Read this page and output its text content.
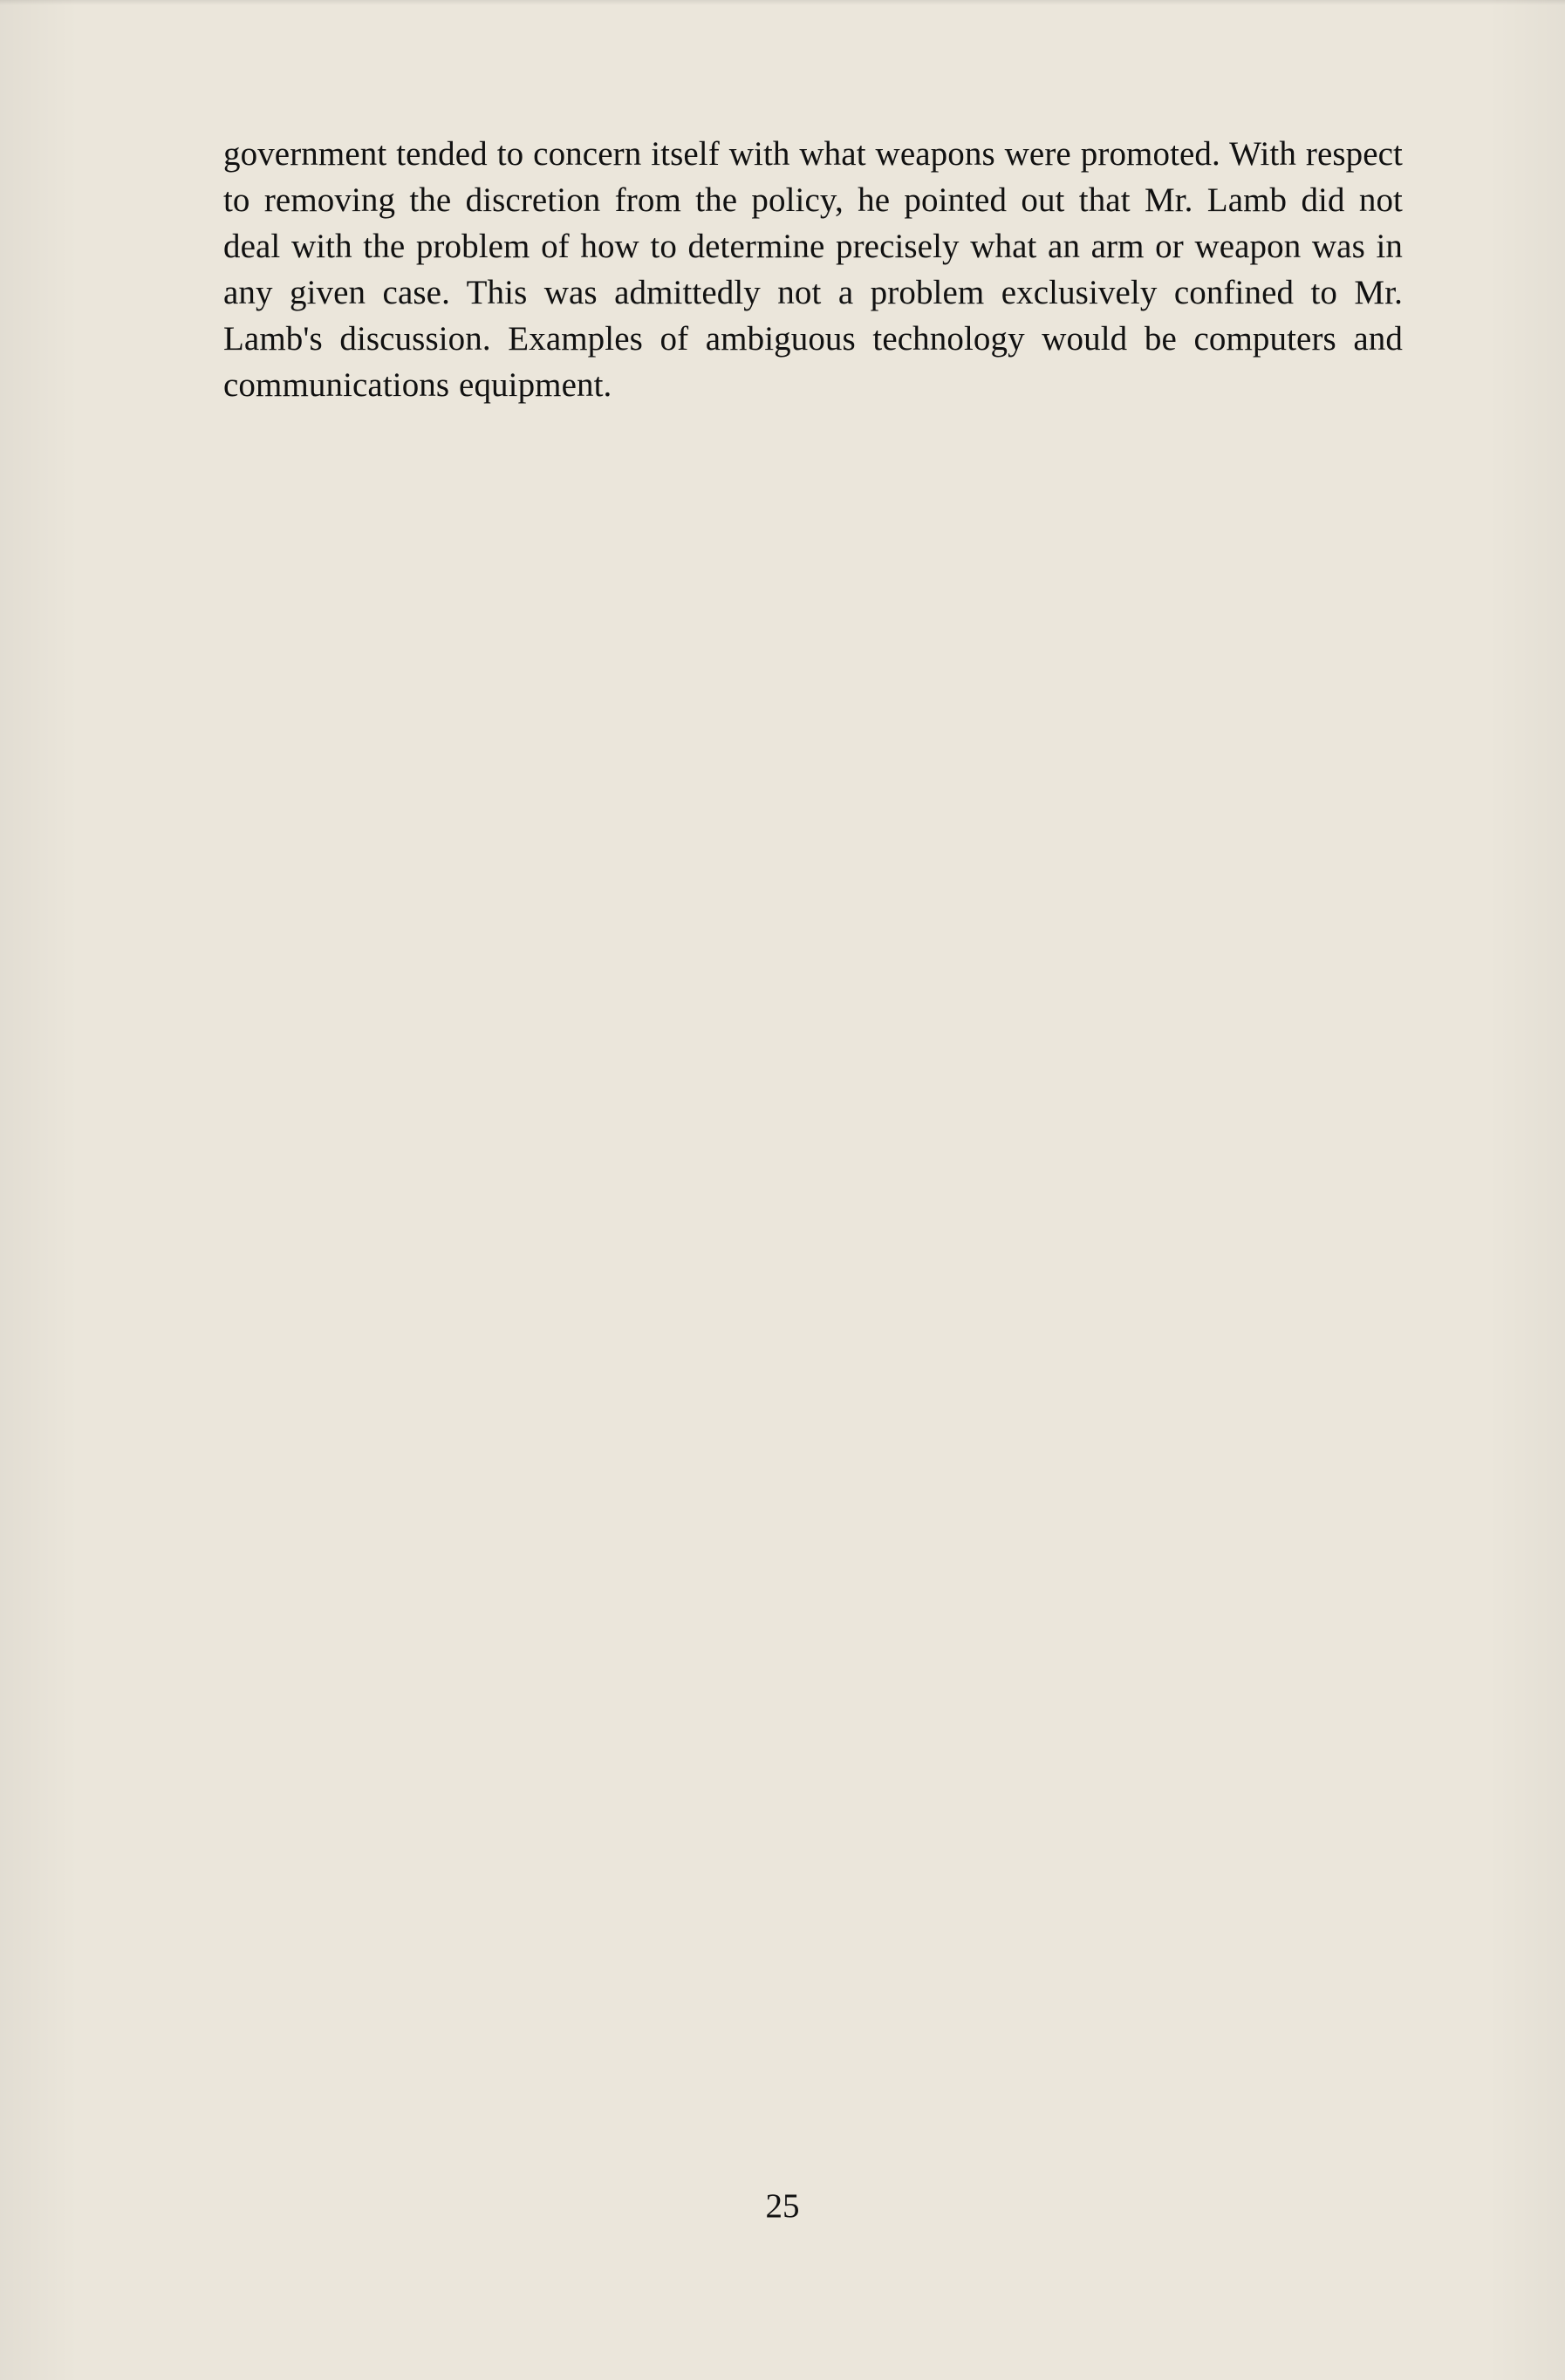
government tended to concern itself with what weapons were promoted. With respect to removing the discretion from the policy, he pointed out that Mr. Lamb did not deal with the problem of how to determine precisely what an arm or weapon was in any given case. This was admittedly not a problem exclusively confined to Mr. Lamb's discussion. Examples of ambiguous technology would be computers and communications equipment.

25
